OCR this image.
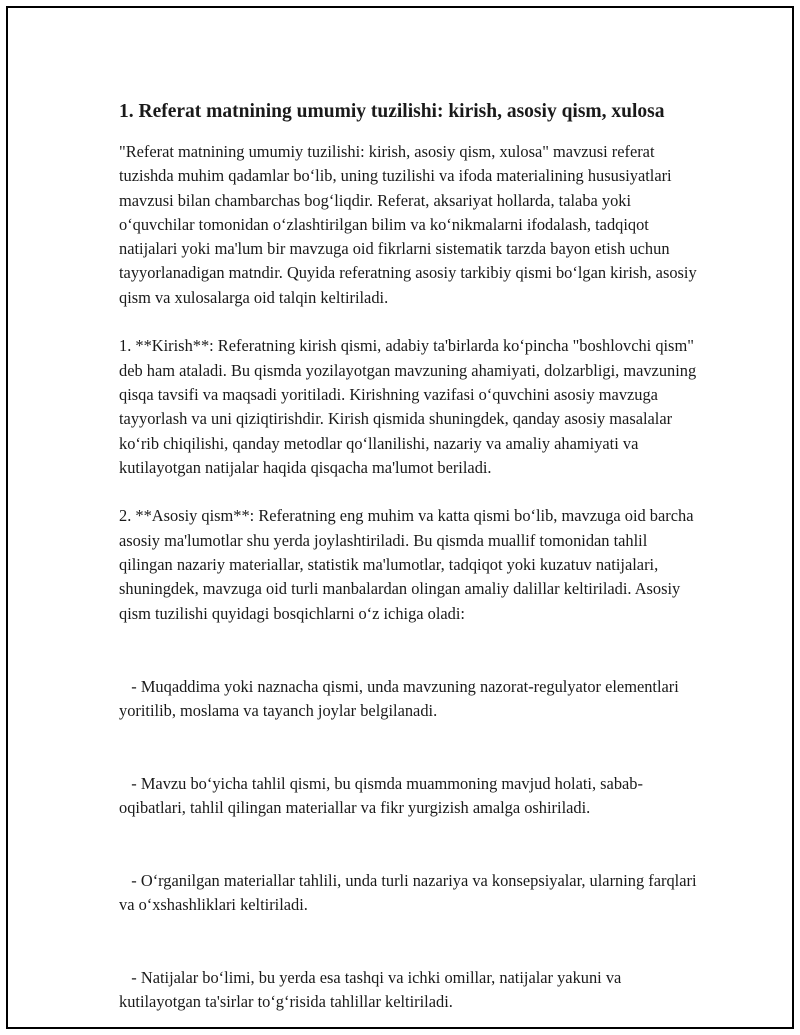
1. Referat matnining umumiy tuzilishi: kirish, asosiy qism, xulosa

"Referat matnining umumiy tuzilishi: kirish, asosiy qism, xulosa" mavzusi referat tuzishda muhim qadamlar bo‘lib, uning tuzilishi va ifoda materialining hususiyatlari mavzusi bilan chambarchas bog‘liqdir. Referat, aksariyat hollarda, talaba yoki o‘quvchilar tomonidan o‘zlashtirilgan bilim va ko‘nikmalarni ifodalash, tadqiqot natijalari yoki ma'lum bir mavzuga oid fikrlarni sistematik tarzda bayon etish uchun tayyorlanadigan matndir. Quyida referatning asosiy tarkibiy qismi bo‘lgan kirish, asosiy qism va xulosalarga oid talqin keltiriladi.

1. **Kirish**: Referatning kirish qismi, adabiy ta'birlarda ko‘pincha "boshlovchi qism" deb ham ataladi. Bu qismda yozilayotgan mavzuning ahamiyati, dolzarbligi, mavzuning qisqa tavsifi va maqsadi yoritiladi. Kirishning vazifasi o‘quvchini asosiy mavzuga tayyorlash va uni qiziqtirishdir. Kirish qismida shuningdek, qanday asosiy masalalar ko‘rib chiqilishi, qanday metodlar qo‘llanilishi, nazariy va amaliy ahamiyati va kutilayotgan natijalar haqida qisqacha ma'lumot beriladi.

2. **Asosiy qism**: Referatning eng muhim va katta qismi bo‘lib, mavzuga oid barcha asosiy ma'lumotlar shu yerda joylashtiriladi. Bu qismda muallif tomonidan tahlil qilingan nazariy materiallar, statistik ma'lumotlar, tadqiqot yoki kuzatuv natijalari, shuningdek, mavzuga oid turli manbalardan olingan amaliy dalillar keltiriladi. Asosiy qism tuzilishi quyidagi bosqichlarni o‘z ichiga oladi:

- Muqaddima yoki naznacha qismi, unda mavzuning nazorat-regulyator elementlari yoritilib, moslama va tayanch joylar belgilanadi.

- Mavzu bo‘yicha tahlil qismi, bu qismda muammoning mavjud holati, sabab-oqibatlari, tahlil qilingan materiallar va fikr yurgizish amalga oshiriladi.

- O‘rganilgan materiallar tahlili, unda turli nazariya va konsepsiyalar, ularning farqlari va o‘xshashliklari keltiriladi.

- Natijalar bo‘limi, bu yerda esa tashqi va ichki omillar, natijalar yakuni va kutilayotgan ta'sirlar to‘g‘risida tahlillar keltiriladi.
